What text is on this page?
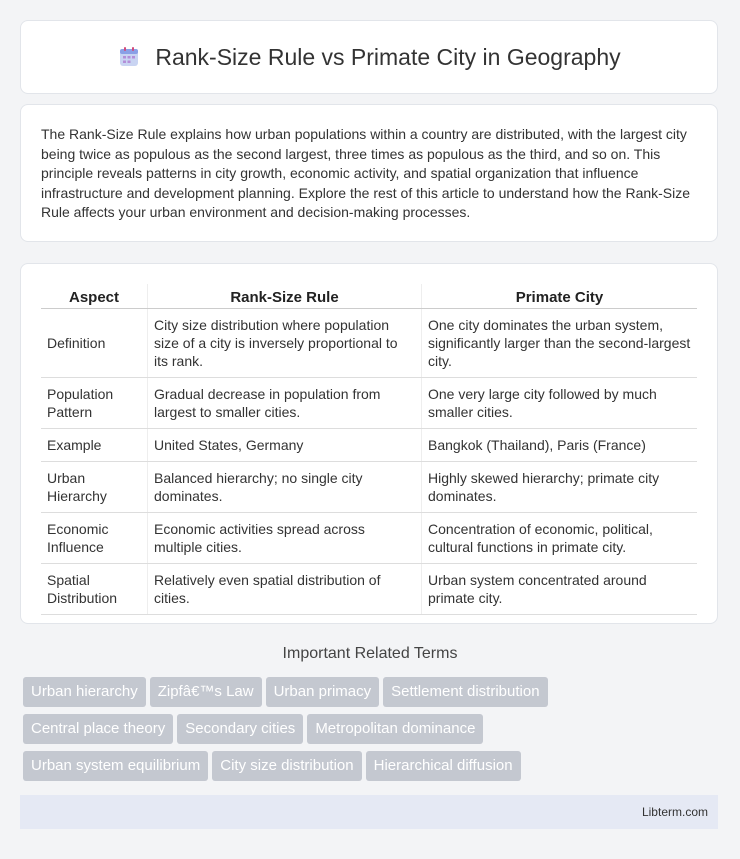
Rank-Size Rule vs Primate City in Geography

The Rank-Size Rule explains how urban populations within a country are distributed, with the largest city being twice as populous as the second largest, three times as populous as the third, and so on. This principle reveals patterns in city growth, economic activity, and spatial organization that influence infrastructure and development planning. Explore the rest of this article to understand how the Rank-Size Rule affects your urban environment and decision-making processes.

Aspect	Rank-Size Rule	Primate City
Definition	City size distribution where population size of a city is inversely proportional to its rank.	One city dominates the urban system, significantly larger than the second-largest city.
Population Pattern	Gradual decrease in population from largest to smaller cities.	One very large city followed by much smaller cities.
Example	United States, Germany	Bangkok (Thailand), Paris (France)
Urban Hierarchy	Balanced hierarchy; no single city dominates.	Highly skewed hierarchy; primate city dominates.
Economic Influence	Economic activities spread across multiple cities.	Concentration of economic, political, cultural functions in primate city.
Spatial Distribution	Relatively even spatial distribution of cities.	Urban system concentrated around primate city.
Important Related Terms
Urban hierarchy Zipfâ€™s Law Urban primacy Settlement distribution
Central place theory Secondary cities Metropolitan dominance
Urban system equilibrium City size distribution Hierarchical diffusion
Libterm.com
